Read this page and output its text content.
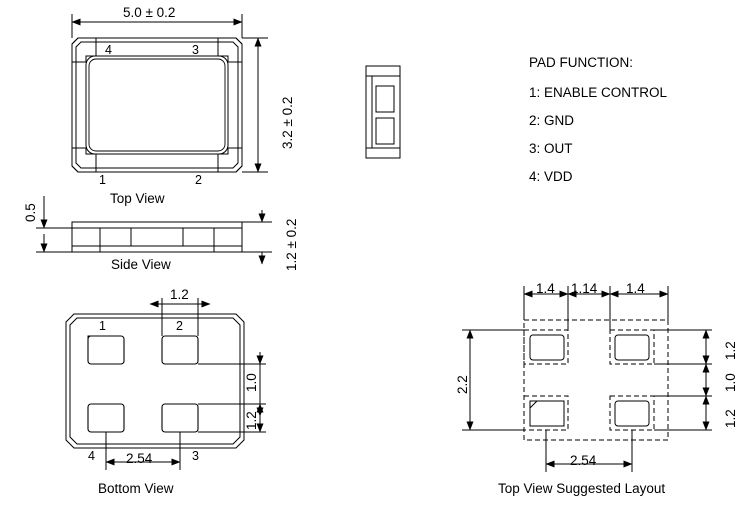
5.0 ± 0.2
4	3
1	2
3.2 ± 0.2
Top View
0.5
1.2 ± 0.2
Side View
1.2
1	2
4	3
1.0
1.2
2.54
Bottom View
1.4 1.14 1.4
2.2
1.2
1.0
1.2
2.54
Top View Suggested Layout
PAD FUNCTION:
1: ENABLE CONTROL
2: GND
3: OUT
4: VDD
